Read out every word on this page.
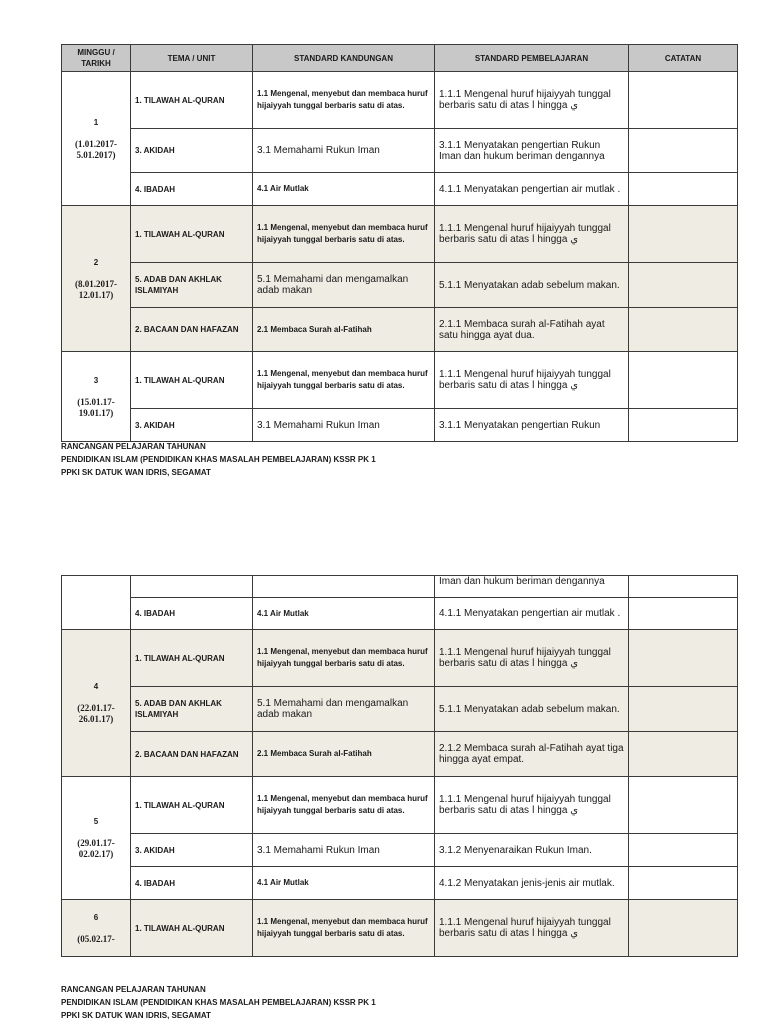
MINGGU / TARIKH	TEMA / UNIT	STANDARD KANDUNGAN	STANDARD PEMBELAJARAN	CATATAN

1
(1.01.2017-5.01.2017)	1. TILAWAH AL-QURAN	1.1 Mengenal, menyebut dan membaca huruf hijaiyyah tunggal berbaris satu di atas.	1.1.1 Mengenal huruf hijaiyyah tunggal berbaris satu di atas ا hingga ي	
	3. AKIDAH	3.1 Memahami Rukun Iman	3.1.1 Menyatakan pengertian Rukun Iman dan hukum beriman dengannya	
	4. IBADAH	4.1 Air Mutlak	4.1.1 Menyatakan pengertian air mutlak .	

2
(8.01.2017-12.01.17)	1. TILAWAH AL-QURAN	1.1 Mengenal, menyebut dan membaca huruf hijaiyyah tunggal berbaris satu di atas.	1.1.1 Mengenal huruf hijaiyyah tunggal berbaris satu di atas ا hingga ي	
	5. ADAB DAN AKHLAK ISLAMIYAH	5.1 Memahami dan mengamalkan adab makan	5.1.1 Menyatakan adab sebelum makan.	
	2. BACAAN DAN HAFAZAN	2.1 Membaca Surah al-Fatihah	2.1.1 Membaca surah al-Fatihah ayat satu hingga ayat dua.	

3
(15.01.17-19.01.17)	1. TILAWAH AL-QURAN	1.1 Mengenal, menyebut dan membaca huruf hijaiyyah tunggal berbaris satu di atas.	1.1.1 Mengenal huruf hijaiyyah tunggal berbaris satu di atas ا hingga ي	
	3. AKIDAH	3.1 Memahami Rukun Iman	3.1.1 Menyatakan pengertian Rukun	
RANCANGAN PELAJARAN TAHUNAN
PENDIDIKAN ISLAM (PENDIDIKAN KHAS MASALAH PEMBELAJARAN) KSSR PK 1
PPKI SK DATUK WAN IDRIS, SEGAMAT
			Iman dan hukum beriman dengannya	
	4. IBADAH	4.1 Air Mutlak	4.1.1 Menyatakan pengertian air mutlak .	

4
(22.01.17-26.01.17)	1. TILAWAH AL-QURAN	1.1 Mengenal, menyebut dan membaca huruf hijaiyyah tunggal berbaris satu di atas.	1.1.1 Mengenal huruf hijaiyyah tunggal berbaris satu di atas ا hingga ي	
	5. ADAB DAN AKHLAK ISLAMIYAH	5.1 Memahami dan mengamalkan adab makan	5.1.1 Menyatakan adab sebelum makan.	
	2. BACAAN DAN HAFAZAN	2.1 Membaca Surah al-Fatihah	2.1.2 Membaca surah al-Fatihah ayat tiga hingga ayat empat.	

5
(29.01.17-02.02.17)	1. TILAWAH AL-QURAN	1.1 Mengenal, menyebut dan membaca huruf hijaiyyah tunggal berbaris satu di atas.	1.1.1 Mengenal huruf hijaiyyah tunggal berbaris satu di atas ا hingga ي	
	3. AKIDAH	3.1 Memahami Rukun Iman	3.1.2 Menyenaraikan Rukun Iman.	
	4. IBADAH	4.1 Air Mutlak	4.1.2 Menyatakan jenis-jenis air mutlak.	

6
(05.02.17-	1. TILAWAH AL-QURAN	1.1 Mengenal, menyebut dan membaca huruf hijaiyyah tunggal berbaris satu di atas.	1.1.1 Mengenal huruf hijaiyyah tunggal berbaris satu di atas ا hingga ي	
RANCANGAN PELAJARAN TAHUNAN
PENDIDIKAN ISLAM (PENDIDIKAN KHAS MASALAH PEMBELAJARAN) KSSR PK 1
PPKI SK DATUK WAN IDRIS, SEGAMAT
